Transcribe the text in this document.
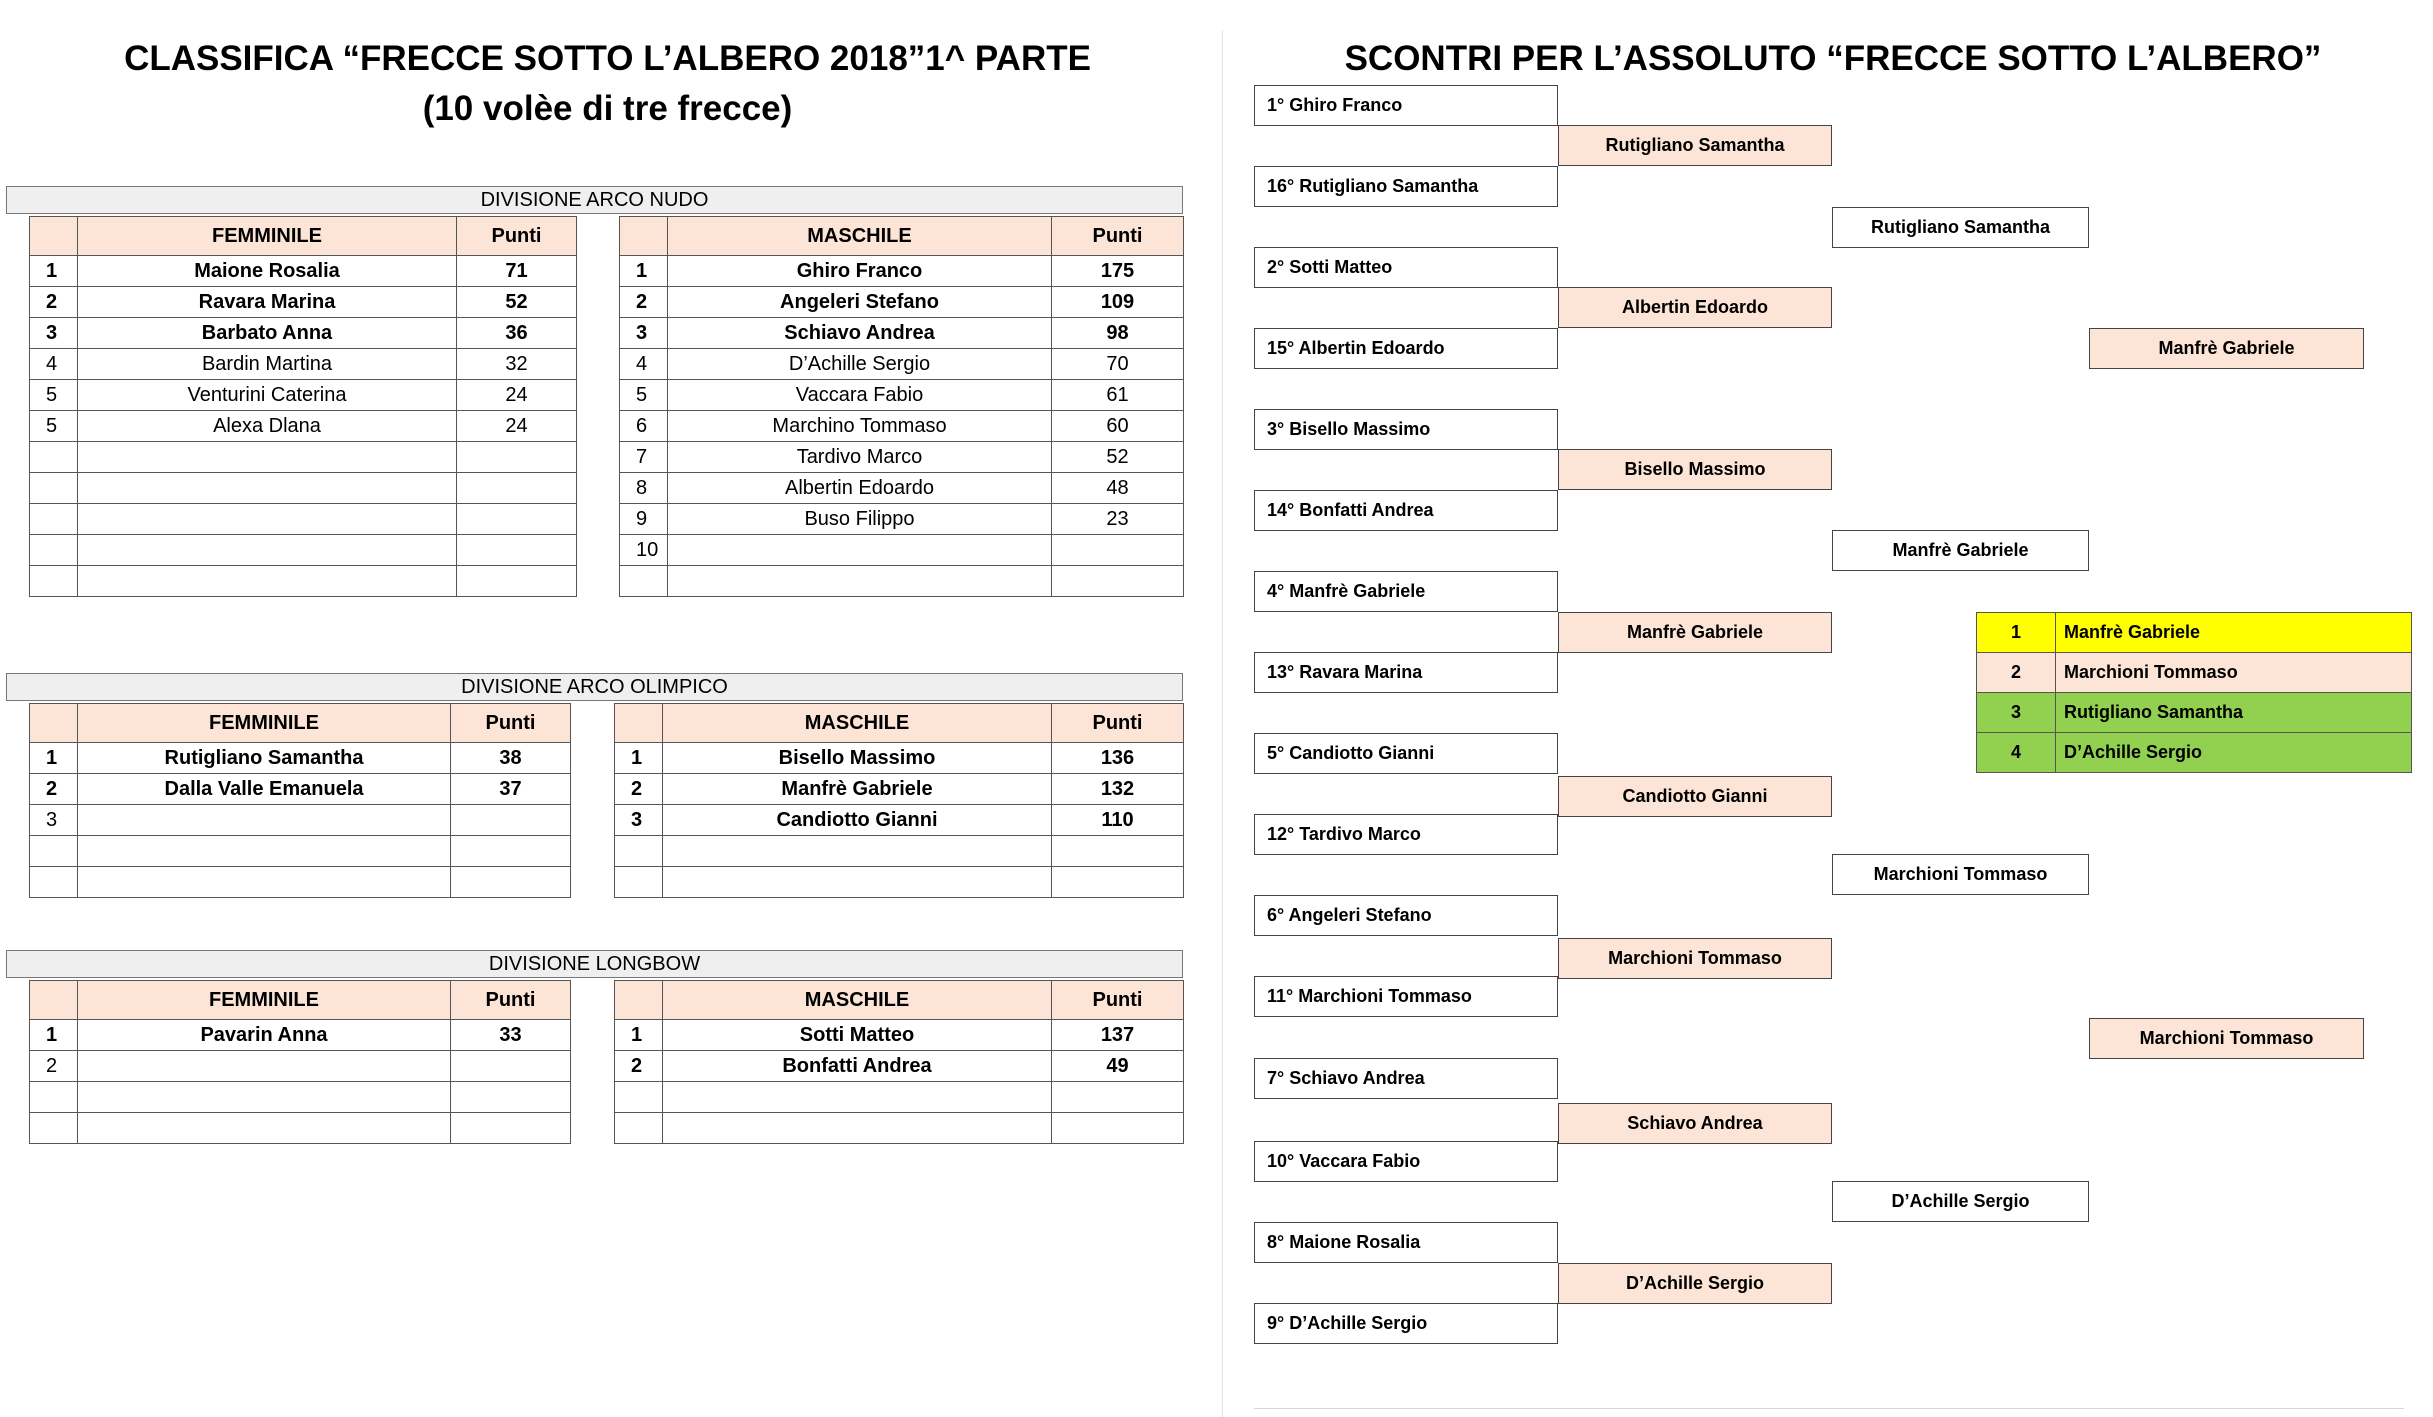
CLASSIFICA “FRECCE SOTTO L’ALBERO 2018”1^ PARTE
(10 volèe di tre frecce)
DIVISIONE ARCO NUDO
	FEMMINILE	Punti
1	Maione Rosalia	71
2	Ravara Marina	52
3	Barbato Anna	36
4	Bardin Martina	32
5	Venturini Caterina	24
5	Alexa Dlana	24

	MASCHILE	Punti
1	Ghiro Franco	175
2	Angeleri Stefano	109
3	Schiavo Andrea	98
4	D’Achille Sergio	70
5	Vaccara Fabio	61
6	Marchino Tommaso	60
7	Tardivo Marco	52
8	Albertin Edoardo	48
9	Buso Filippo	23
10		

DIVISIONE ARCO OLIMPICO
	FEMMINILE	Punti
1	Rutigliano Samantha	38
2	Dalla Valle Emanuela	37
3		

	MASCHILE	Punti
1	Bisello Massimo	136
2	Manfrè Gabriele	132
3	Candiotto Gianni	110

DIVISIONE LONGBOW
	FEMMINILE	Punti
1	Pavarin Anna	33
2		

	MASCHILE	Punti
1	Sotti Matteo	137
2	Bonfatti Andrea	49

SCONTRI PER L’ASSOLUTO “FRECCE SOTTO L’ALBERO”
1° Ghiro Franco
16° Rutigliano Samantha
2° Sotti Matteo
15° Albertin Edoardo
3° Bisello Massimo
14° Bonfatti Andrea
4° Manfrè Gabriele
13° Ravara Marina
5° Candiotto Gianni
12° Tardivo Marco
6° Angeleri Stefano
11° Marchioni Tommaso
7° Schiavo Andrea
10° Vaccara Fabio
8° Maione Rosalia
9° D’Achille Sergio
Rutigliano Samantha
Albertin Edoardo
Bisello Massimo
Manfrè Gabriele
Candiotto Gianni
Marchioni Tommaso
Schiavo Andrea
D’Achille Sergio
Rutigliano Samantha
Manfrè Gabriele
Marchioni Tommaso
D’Achille Sergio
Manfrè Gabriele
Marchioni Tommaso
1	Manfrè Gabriele
2	Marchioni Tommaso
3	Rutigliano Samantha
4	D’Achille Sergio
